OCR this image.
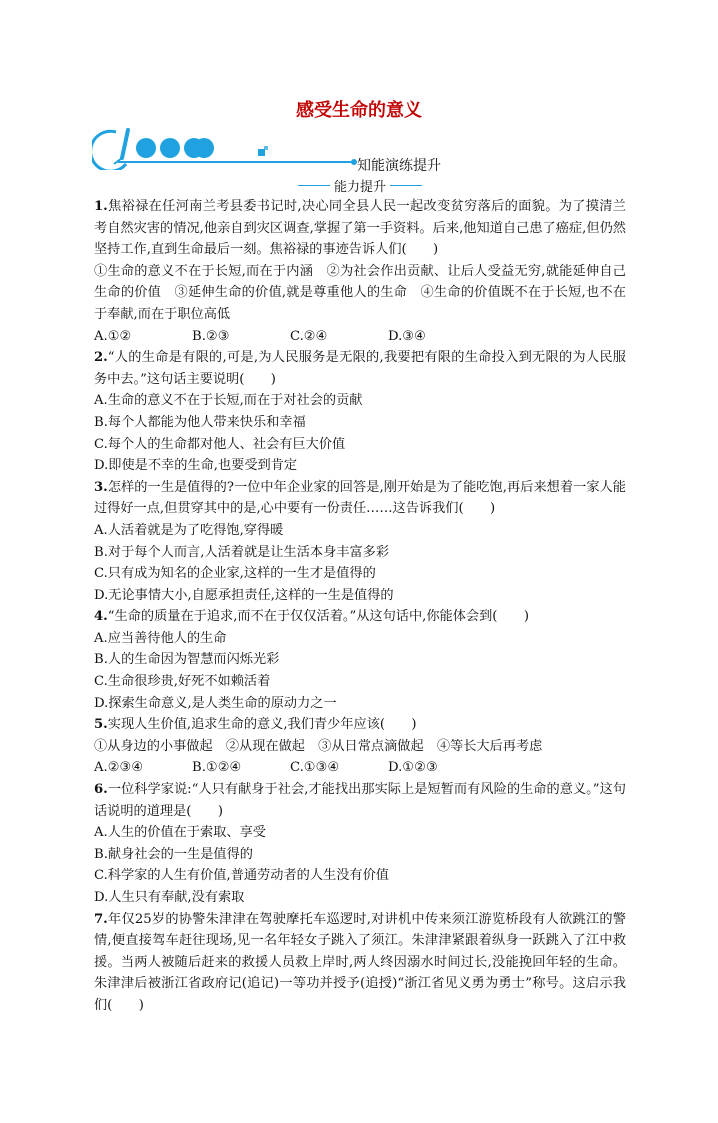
感受生命的意义
知能演练提升
能力提升

1.焦裕禄在任河南兰考县委书记时,决心同全县人民一起改变贫穷落后的面貌。为了摸清兰考自然灾害的情况,他亲自到灾区调查,掌握了第一手资料。后来,他知道自己患了癌症,但仍然坚持工作,直到生命最后一刻。焦裕禄的事迹告诉人们(　　)

①生命的意义不在于长短,而在于内涵　②为社会作出贡献、让后人受益无穷,就能延伸自己生命的价值　③延伸生命的价值,就是尊重他人的生命　④生命的价值既不在于长短,也不在于奉献,而在于职位高低

A.①②	B.②③	C.②④	D.③④

2.“人的生命是有限的,可是,为人民服务是无限的,我要把有限的生命投入到无限的为人民服务中去。”这句话主要说明(　　)

A.生命的意义不在于长短,而在于对社会的贡献

B.每个人都能为他人带来快乐和幸福

C.每个人的生命都对他人、社会有巨大价值

D.即使是不幸的生命,也要受到肯定

3.怎样的一生是值得的?一位中年企业家的回答是,刚开始是为了能吃饱,再后来想着一家人能过得好一点,但贯穿其中的是,心中要有一份责任……这告诉我们(　　)

A.人活着就是为了吃得饱,穿得暖

B.对于每个人而言,人活着就是让生活本身丰富多彩

C.只有成为知名的企业家,这样的一生才是值得的

D.无论事情大小,自愿承担责任,这样的一生是值得的

4.“生命的质量在于追求,而不在于仅仅活着。”从这句话中,你能体会到(　　)

A.应当善待他人的生命

B.人的生命因为智慧而闪烁光彩

C.生命很珍贵,好死不如赖活着

D.探索生命意义,是人类生命的原动力之一

5.实现人生价值,追求生命的意义,我们青少年应该(　　)

①从身边的小事做起　②从现在做起　③从日常点滴做起　④等长大后再考虑

A.②③④	B.①②④	C.①③④	D.①②③

6.一位科学家说:“人只有献身于社会,才能找出那实际上是短暂而有风险的生命的意义。”这句话说明的道理是(　　)

A.人生的价值在于索取、享受

B.献身社会的一生是值得的

C.科学家的人生有价值,普通劳动者的人生没有价值

D.人生只有奉献,没有索取

7.年仅25岁的协警朱津津在驾驶摩托车巡逻时,对讲机中传来须江游览桥段有人欲跳江的警情,便直接驾车赶往现场,见一名年轻女子跳入了须江。朱津津紧跟着纵身一跃跳入了江中救援。当两人被随后赶来的救援人员救上岸时,两人终因溺水时间过长,没能挽回年轻的生命。朱津津后被浙江省政府记(追记)一等功并授予(追授)“浙江省见义勇为勇士”称号。这启示我们(　　)
